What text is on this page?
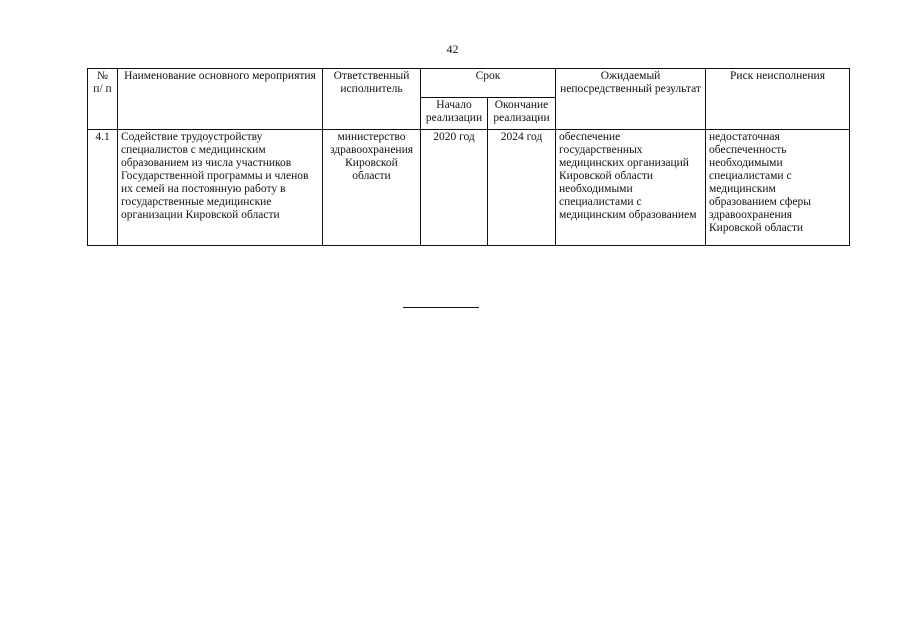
42
№ п/ п	Наименование основного мероприятия	Ответственный исполнитель	Срок		Ожидаемый непосредственный результат	Риск неисполнения
			Начало реализации	Окончание реализации		
4.1	Содействие трудоустройству специалистов с медицинским образованием из числа участников Государственной программы и членов их семей на постоянную работу в государственные медицинские организации Кировской области	министерство здравоохранения Кировской области	2020 год	2024 год	обеспечение государственных медицинских организаций Кировской области необходимыми специалистами с медицинским образованием	недостаточная обеспеченность необходимыми специалистами с медицинским образованием сферы здравоохранения Кировской области
